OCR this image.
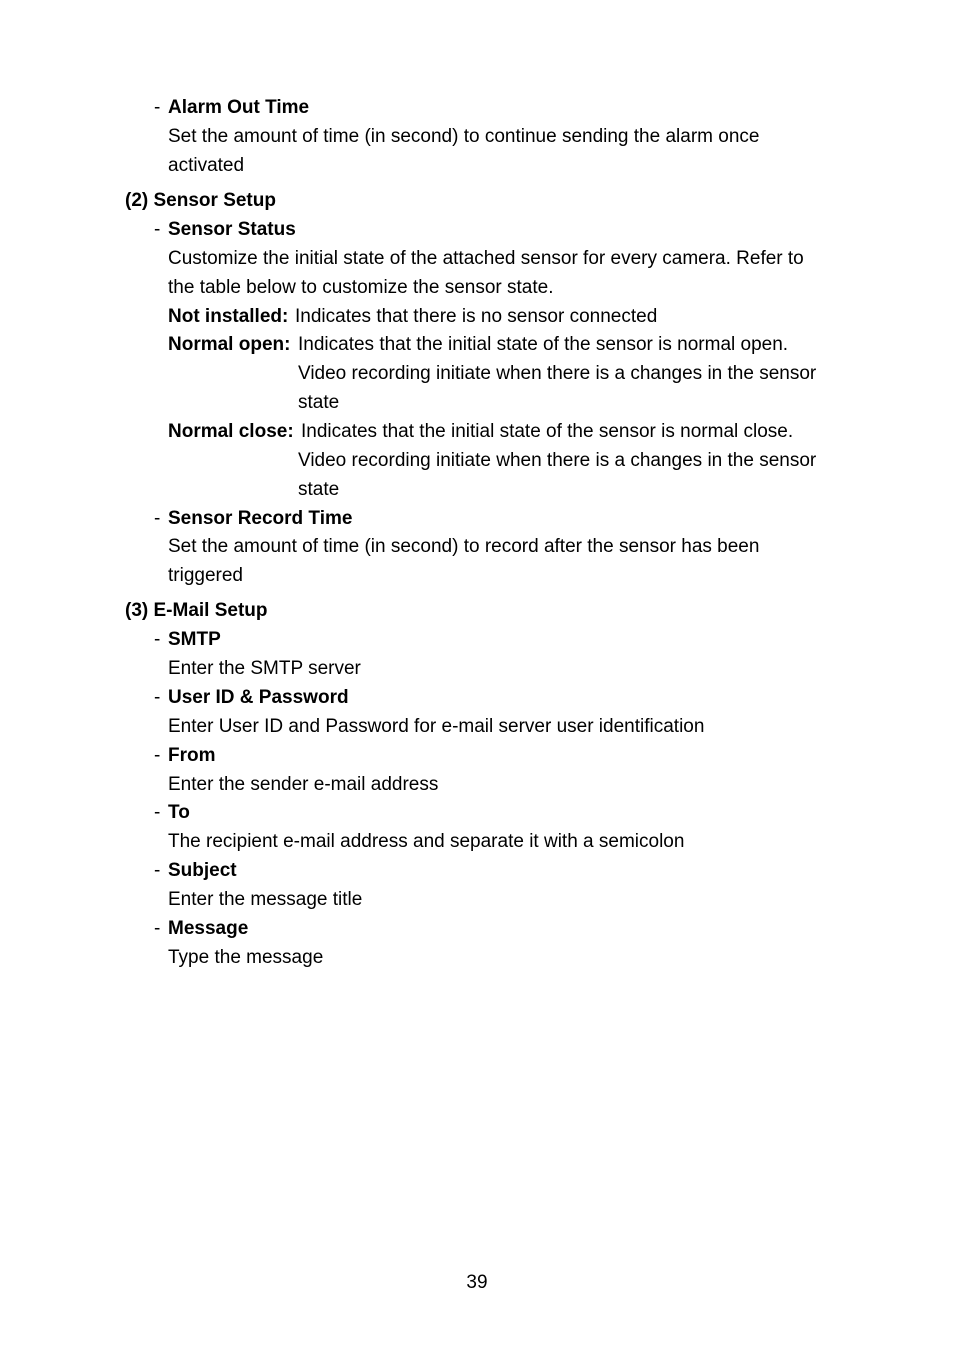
- Alarm Out Time
Set the amount of time (in second) to continue sending the alarm once
activated
(2) Sensor Setup
- Sensor Status
Customize the initial state of the attached sensor for every camera. Refer to
the table below to customize the sensor state.
Not installed: Indicates that there is no sensor connected
Normal open: Indicates that the initial state of the sensor is normal open.
Video recording initiate when there is a changes in the sensor
state
Normal close: Indicates that the initial state of the sensor is normal close.
Video recording initiate when there is a changes in the sensor
state
- Sensor Record Time
Set the amount of time (in second) to record after the sensor has been
triggered
(3) E-Mail Setup
- SMTP
Enter the SMTP server
- User ID & Password
Enter User ID and Password for e-mail server user identification
- From
Enter the sender e-mail address
- To
The recipient e-mail address and separate it with a semicolon
- Subject
Enter the message title
- Message
Type the message
39
